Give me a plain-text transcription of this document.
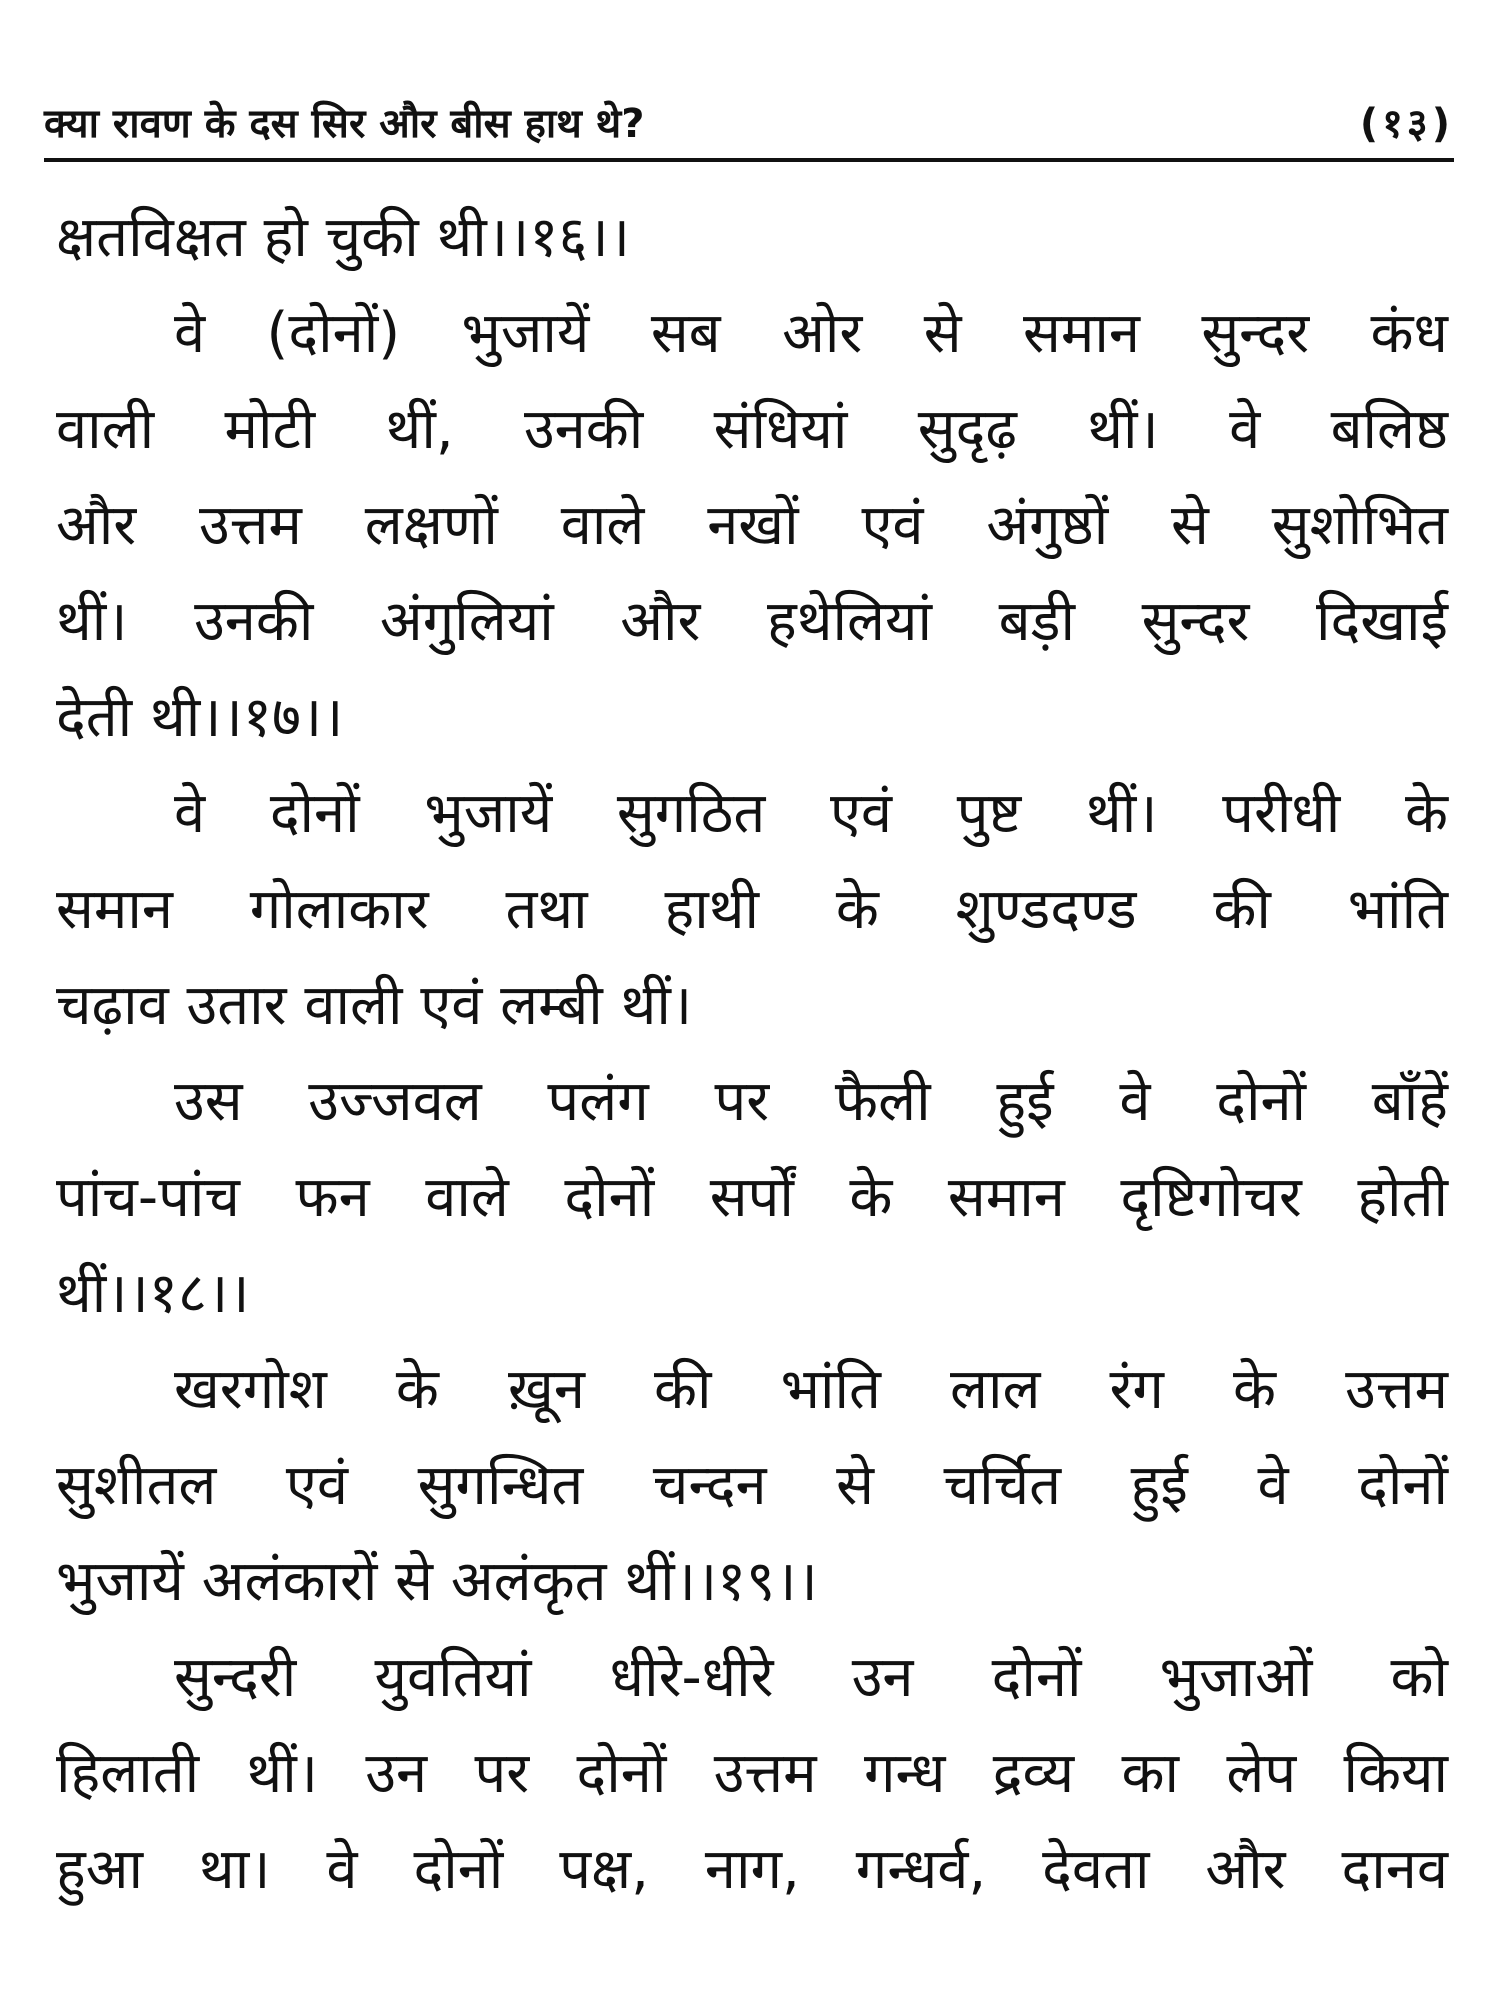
क्या रावण के दस सिर और बीस हाथ थे?	(१३)
क्षतविक्षत हो चुकी थी।।१६।।
वे (दोनों) भुजायें सब ओर से समान सुन्दर कंध
वाली मोटी थीं, उनकी संधियां सुदृढ़ थीं। वे बलिष्ठ
और उत्तम लक्षणों वाले नखों एवं अंगुष्ठों से सुशोभित
थीं। उनकी अंगुलियां और हथेलियां बड़ी सुन्दर दिखाई
देती थी।।१७।।
वे दोनों भुजायें सुगठित एवं पुष्ट थीं। परीधी के
समान गोलाकार तथा हाथी के शुण्डदण्ड की भांति
चढ़ाव उतार वाली एवं लम्बी थीं।
उस उज्जवल पलंग पर फैली हुई वे दोनों बाँहें
पांच-पांच फन वाले दोनों सर्पों के समान दृष्टिगोचर होती
थीं।।१८।।
खरगोश के ख़ून की भांति लाल रंग के उत्तम
सुशीतल एवं सुगन्धित चन्दन से चर्चित हुई वे दोनों
भुजायें अलंकारों से अलंकृत थीं।।१९।।
सुन्दरी युवतियां धीरे-धीरे उन दोनों भुजाओं को
हिलाती थीं। उन पर दोनों उत्तम गन्ध द्रव्य का लेप किया
हुआ था। वे दोनों पक्ष, नाग, गन्धर्व, देवता और दानव
